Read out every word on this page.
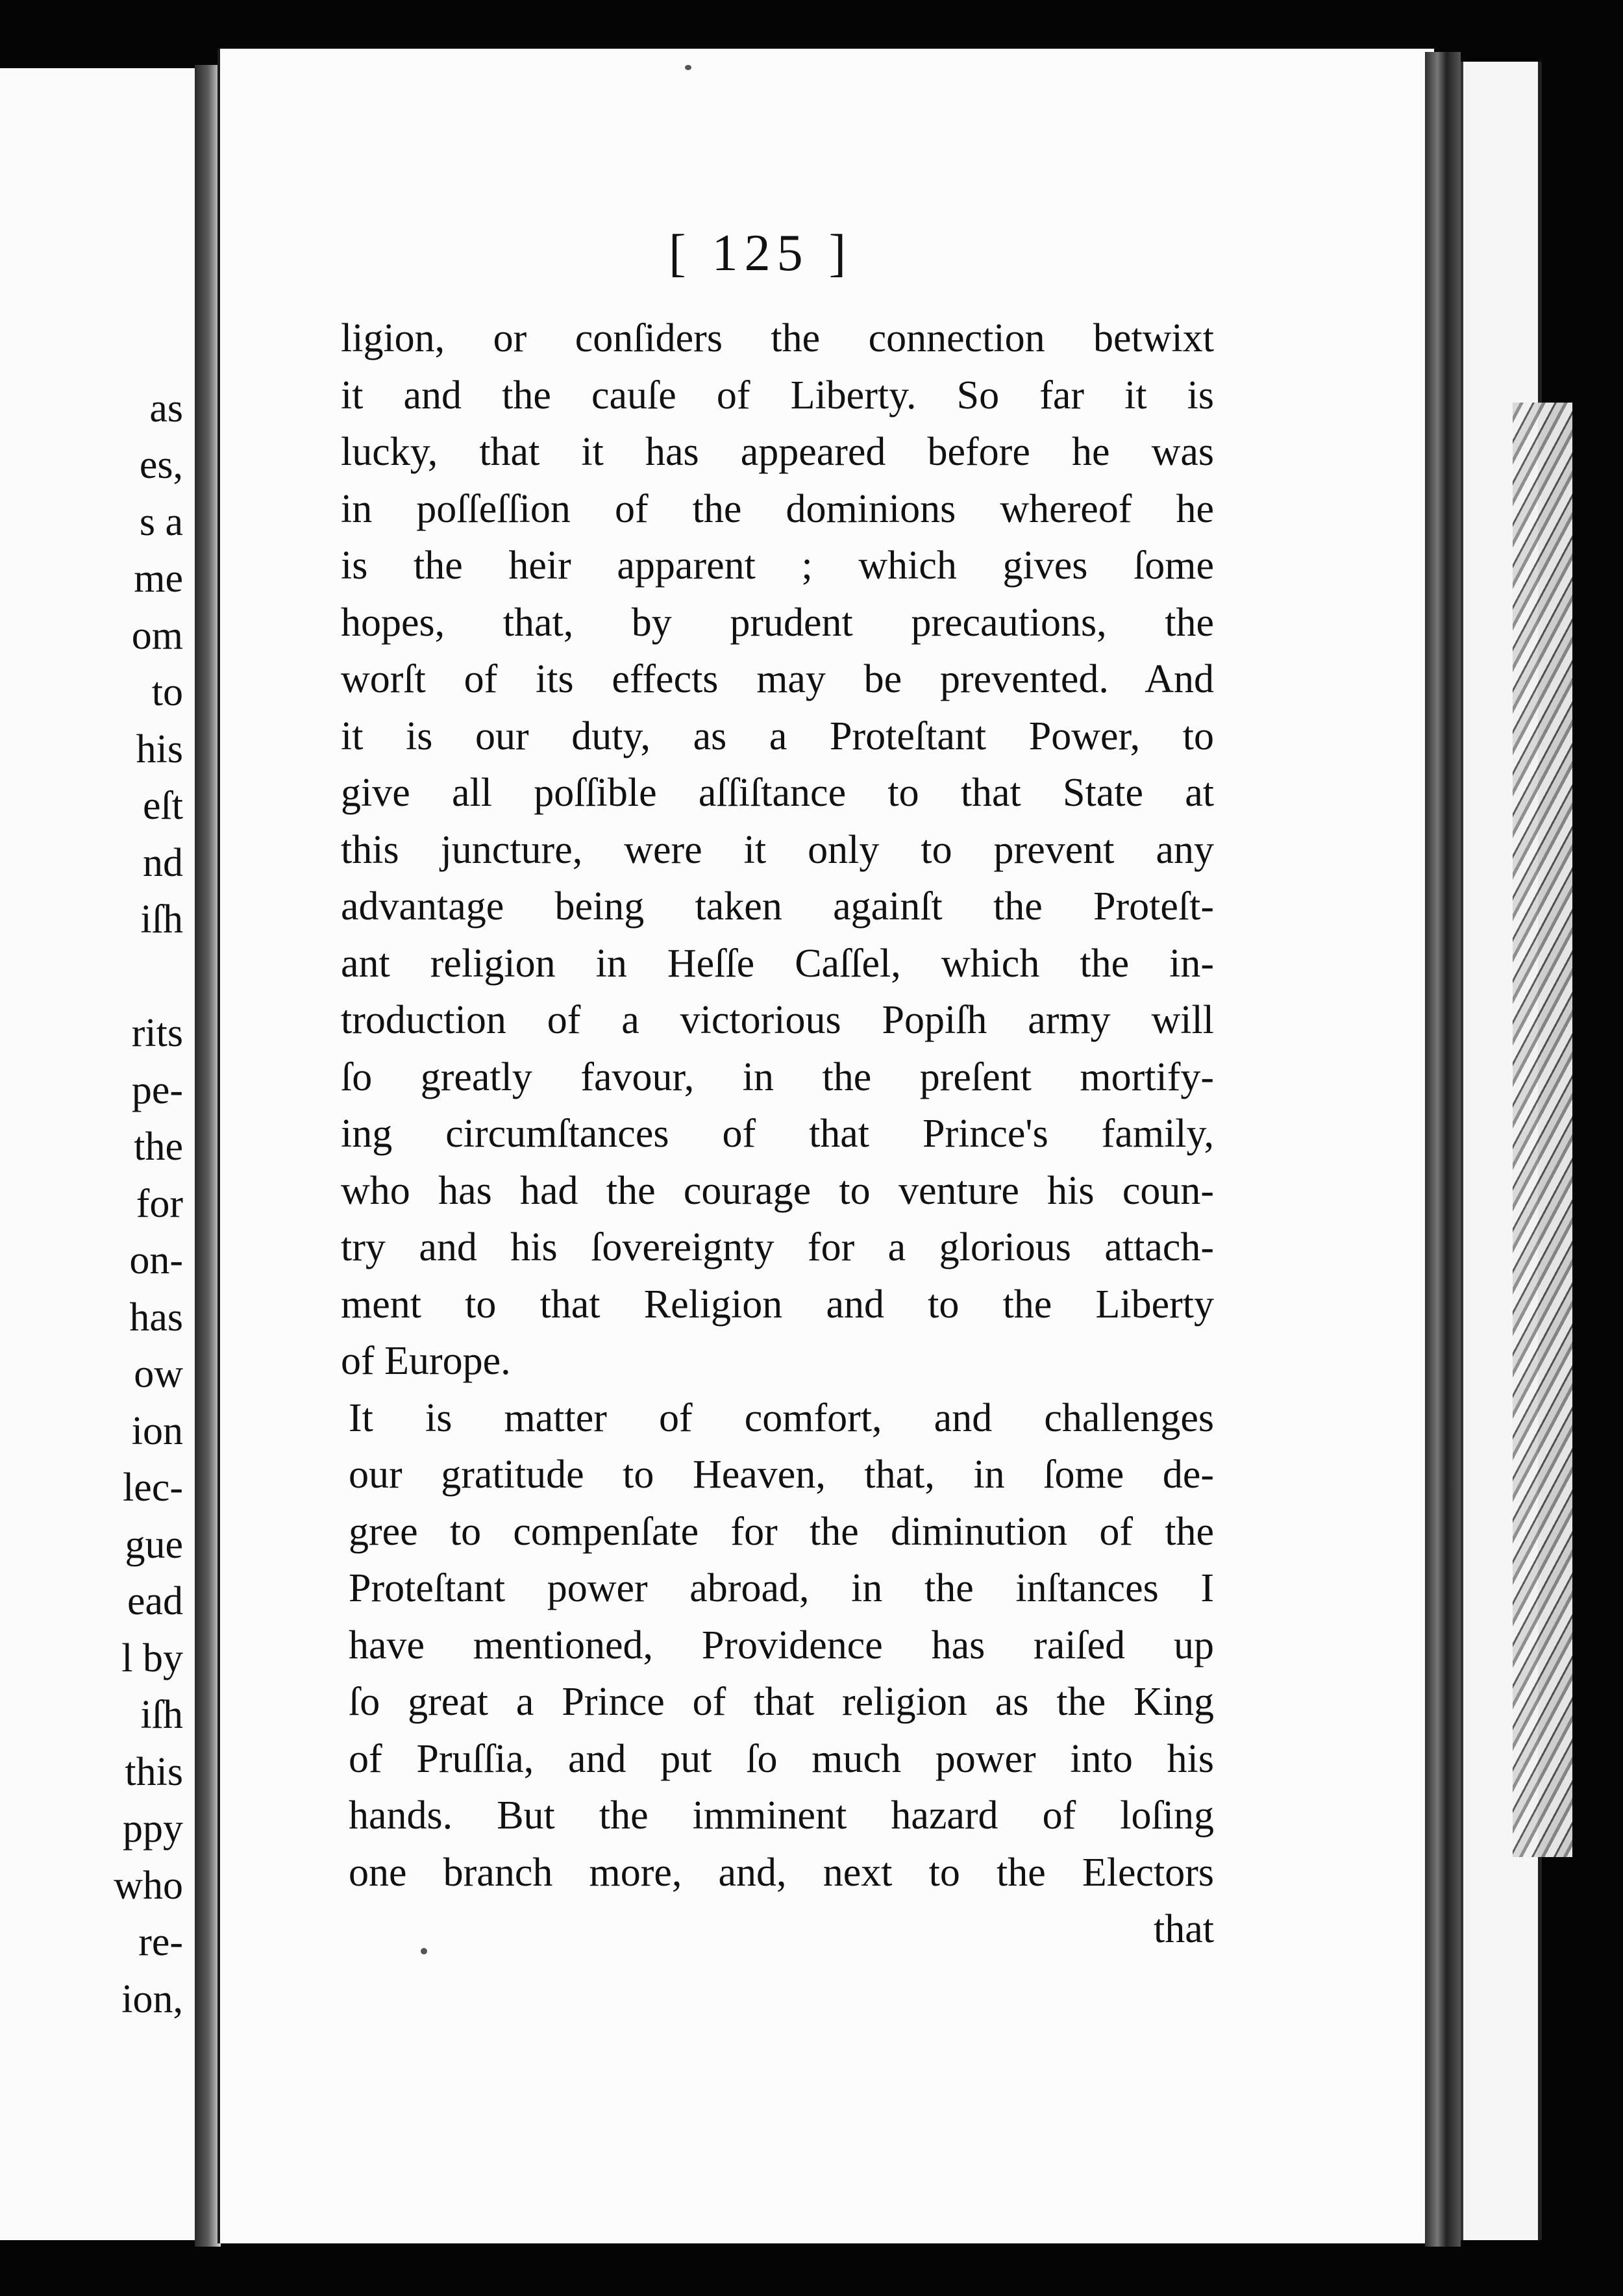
as

es,

s a

me

om

to

his

eſt

nd

iſh

rits

pe-

the

for

on-

has

ow

ion

lec-

gue

ead

l by

iſh

this

ppy

who

re-

ion,

[ 125 ]

ligion, or conſiders the connection betwixt

it and the cauſe of Liberty. So far it is

lucky, that it has appeared before he was

in poſſeſſion of the dominions whereof he

is the heir apparent ; which gives ſome

hopes, that, by prudent precautions, the

worſt of its effects may be prevented. And

it is our duty, as a Proteſtant Power, to

give all poſſible aſſiſtance to that State at

this juncture, were it only to prevent any

advantage being taken againſt the Proteſt-

ant religion in Heſſe Caſſel, which the in-

troduction of a victorious Popiſh army will

ſo greatly favour, in the preſent mortify-

ing circumſtances of that Prince's family,

who has had the courage to venture his coun-

try and his ſovereignty for a glorious attach-

ment to that Religion and to the Liberty

of Europe.

It is matter of comfort, and challenges

our gratitude to Heaven, that, in ſome de-

gree to compenſate for the diminution of the

Proteſtant power abroad, in the inſtances I

have mentioned, Providence has raiſed up

ſo great a Prince of that religion as the King

of Pruſſia, and put ſo much power into his

hands. But the imminent hazard of loſing

one branch more, and, next to the Electors

that
